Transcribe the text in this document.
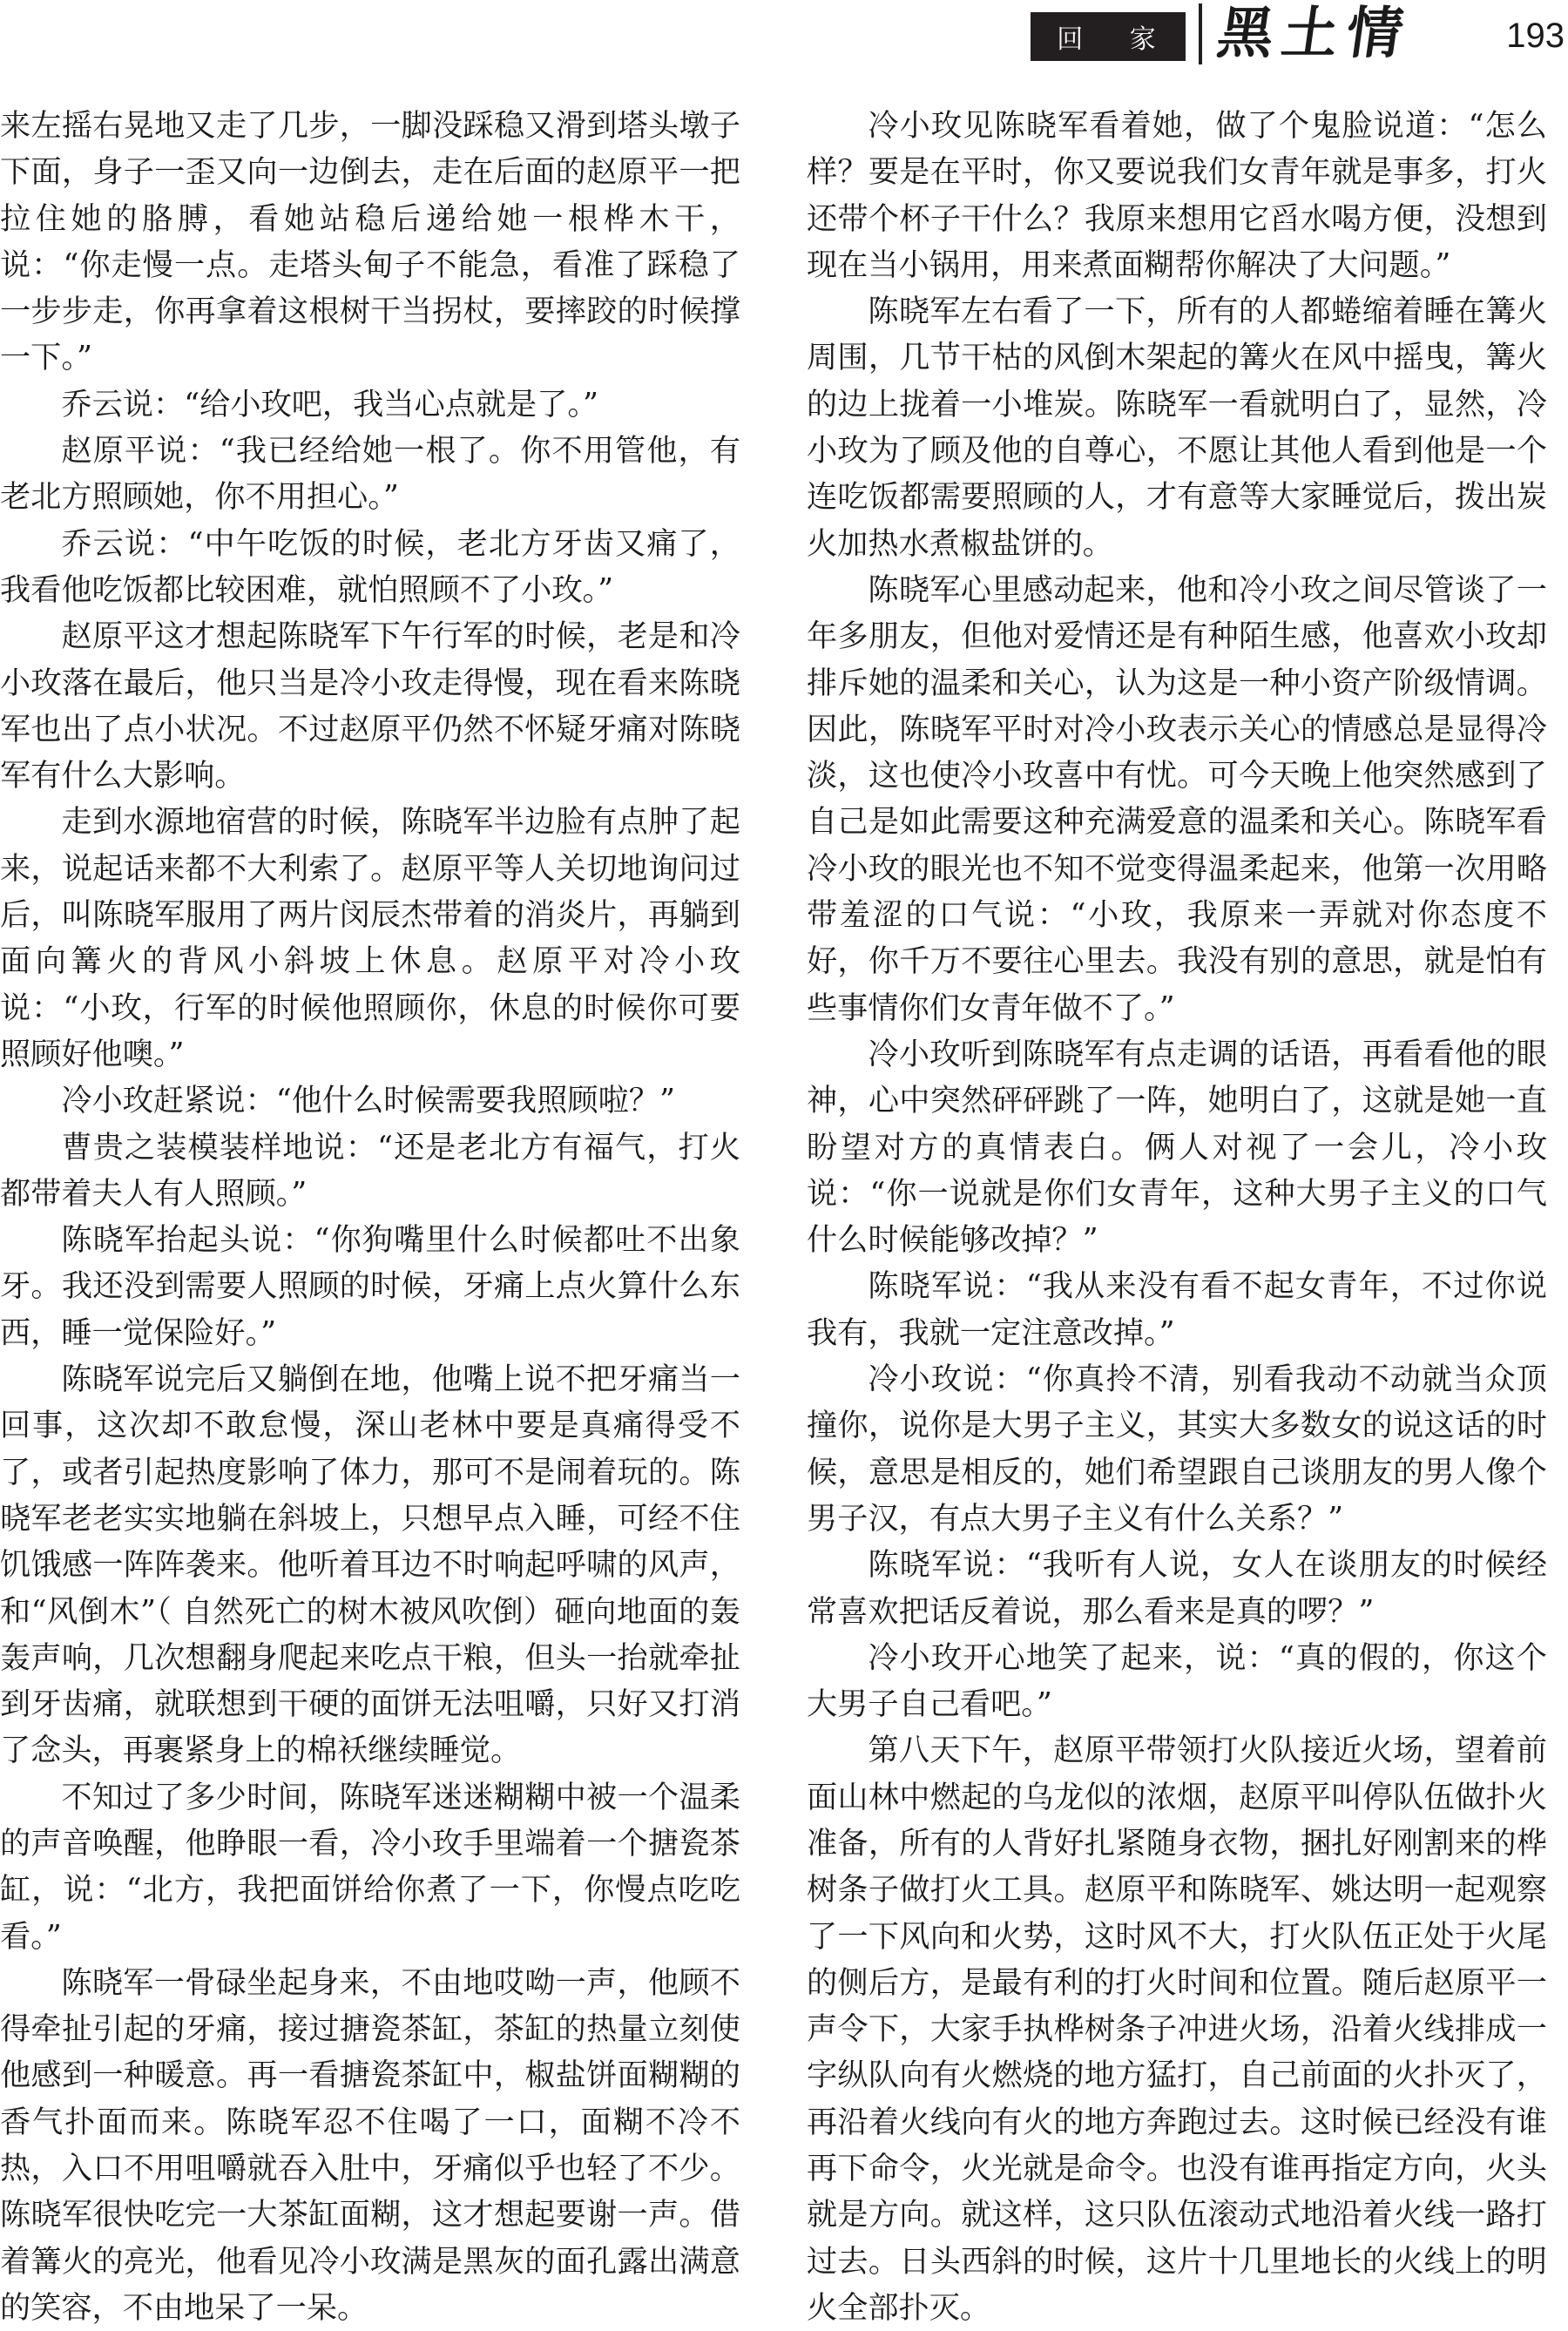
回 家 黑土情	193

来左摇右晃地又走了几步，一脚没踩稳又滑到塔头墩子下面，身子一歪又向一边倒去，走在后面的赵原平一把拉住她的胳膊，看她站稳后递给她一根桦木干，说：“你走慢一点。走塔头甸子不能急，看准了踩稳了一步步走，你再拿着这根树干当拐杖，要摔跤的时候撑一下。”

乔云说：“给小玫吧，我当心点就是了。”

赵原平说：“我已经给她一根了。你不用管他，有老北方照顾她，你不用担心。”

乔云说：“中午吃饭的时候，老北方牙齿又痛了，我看他吃饭都比较困难，就怕照顾不了小玫。”

赵原平这才想起陈晓军下午行军的时候，老是和冷小玫落在最后，他只当是冷小玫走得慢，现在看来陈晓军也出了点小状况。不过赵原平仍然不怀疑牙痛对陈晓军有什么大影响。

走到水源地宿营的时候，陈晓军半边脸有点肿了起来，说起话来都不大利索了。赵原平等人关切地询问过后，叫陈晓军服用了两片闵辰杰带着的消炎片，再躺到面向篝火的背风小斜坡上休息。赵原平对冷小玫说：“小玫，行军的时候他照顾你，休息的时候你可要照顾好他噢。”

冷小玫赶紧说：“他什么时候需要我照顾啦？”

曹贵之装模装样地说：“还是老北方有福气，打火都带着夫人有人照顾。”

陈晓军抬起头说：“你狗嘴里什么时候都吐不出象牙。我还没到需要人照顾的时候，牙痛上点火算什么东西，睡一觉保险好。”

陈晓军说完后又躺倒在地，他嘴上说不把牙痛当一回事，这次却不敢怠慢，深山老林中要是真痛得受不了，或者引起热度影响了体力，那可不是闹着玩的。陈晓军老老实实地躺在斜坡上，只想早点入睡，可经不住饥饿感一阵阵袭来。他听着耳边不时响起呼啸的风声，和“风倒木”（ 自然死亡的树木被风吹倒）砸向地面的轰轰声响，几次想翻身爬起来吃点干粮，但头一抬就牵扯到牙齿痛，就联想到干硬的面饼无法咀嚼，只好又打消了念头，再裹紧身上的棉袄继续睡觉。

不知过了多少时间，陈晓军迷迷糊糊中被一个温柔的声音唤醒，他睁眼一看，冷小玫手里端着一个搪瓷茶缸，说：“北方，我把面饼给你煮了一下，你慢点吃吃看。”

陈晓军一骨碌坐起身来，不由地哎呦一声，他顾不得牵扯引起的牙痛，接过搪瓷茶缸，茶缸的热量立刻使他感到一种暖意。再一看搪瓷茶缸中，椒盐饼面糊糊的香气扑面而来。陈晓军忍不住喝了一口，面糊不冷不热，入口不用咀嚼就吞入肚中，牙痛似乎也轻了不少。陈晓军很快吃完一大茶缸面糊，这才想起要谢一声。借着篝火的亮光，他看见冷小玫满是黑灰的面孔露出满意的笑容，不由地呆了一呆。

冷小玫见陈晓军看着她，做了个鬼脸说道：“怎么样？要是在平时，你又要说我们女青年就是事多，打火还带个杯子干什么？我原来想用它舀水喝方便，没想到现在当小锅用，用来煮面糊帮你解决了大问题。”

陈晓军左右看了一下，所有的人都蜷缩着睡在篝火周围，几节干枯的风倒木架起的篝火在风中摇曳，篝火的边上拢着一小堆炭。陈晓军一看就明白了，显然，冷小玫为了顾及他的自尊心，不愿让其他人看到他是一个连吃饭都需要照顾的人，才有意等大家睡觉后，拨出炭火加热水煮椒盐饼的。

陈晓军心里感动起来，他和冷小玫之间尽管谈了一年多朋友，但他对爱情还是有种陌生感，他喜欢小玫却排斥她的温柔和关心，认为这是一种小资产阶级情调。因此，陈晓军平时对冷小玫表示关心的情感总是显得冷淡，这也使冷小玫喜中有忧。可今天晚上他突然感到了自己是如此需要这种充满爱意的温柔和关心。陈晓军看冷小玫的眼光也不知不觉变得温柔起来，他第一次用略带羞涩的口气说：“小玫，我原来一弄就对你态度不好，你千万不要往心里去。我没有别的意思，就是怕有些事情你们女青年做不了。”

冷小玫听到陈晓军有点走调的话语，再看看他的眼神，心中突然砰砰跳了一阵，她明白了，这就是她一直盼望对方的真情表白。俩人对视了一会儿，冷小玫说：“你一说就是你们女青年，这种大男子主义的口气什么时候能够改掉？”

陈晓军说：“我从来没有看不起女青年，不过你说我有，我就一定注意改掉。”

冷小玫说：“你真拎不清，别看我动不动就当众顶撞你，说你是大男子主义，其实大多数女的说这话的时候，意思是相反的，她们希望跟自己谈朋友的男人像个男子汉，有点大男子主义有什么关系？”

陈晓军说：“我听有人说，女人在谈朋友的时候经常喜欢把话反着说，那么看来是真的啰？”

冷小玫开心地笑了起来，说：“真的假的，你这个大男子自己看吧。”

第八天下午，赵原平带领打火队接近火场，望着前面山林中燃起的乌龙似的浓烟，赵原平叫停队伍做扑火准备，所有的人背好扎紧随身衣物，捆扎好刚割来的桦树条子做打火工具。赵原平和陈晓军、姚达明一起观察了一下风向和火势，这时风不大，打火队伍正处于火尾的侧后方，是最有利的打火时间和位置。随后赵原平一声令下，大家手执桦树条子冲进火场，沿着火线排成一字纵队向有火燃烧的地方猛打，自己前面的火扑灭了，再沿着火线向有火的地方奔跑过去。这时候已经没有谁再下命令，火光就是命令。也没有谁再指定方向，火头就是方向。就这样，这只队伍滚动式地沿着火线一路打过去。日头西斜的时候，这片十几里地长的火线上的明火全部扑灭。
